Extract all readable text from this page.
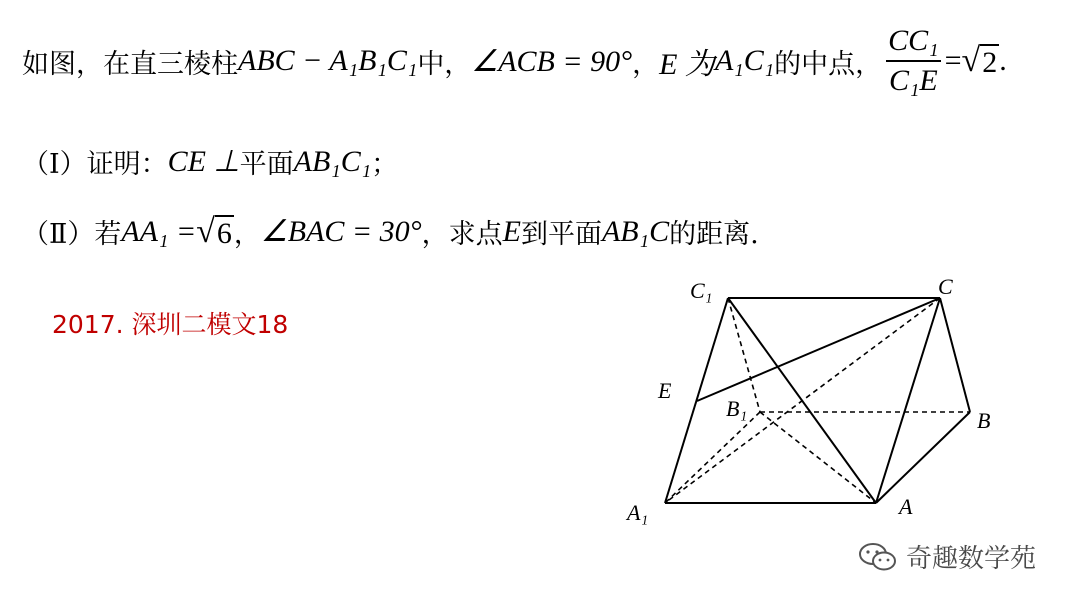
如图，在直三棱柱 ABC − A₁B₁C₁ 中， ∠ACB = 90° ， E 为 A₁C₁ 的中点， $\frac{\text{CC₁}}{\text{C₁E}}$ = √ 2 .
（Ⅰ）证明： CE ⊥ 平面 AB₁C₁ ；
（Ⅱ）若 AA₁ = √ 6 ， ∠BAC = 30° ，求点 E 到平面 AB₁C 的距离.
2017. 深圳二模文18
C₁	C
E
B₁	B
A₁	A
奇趣数学苑
